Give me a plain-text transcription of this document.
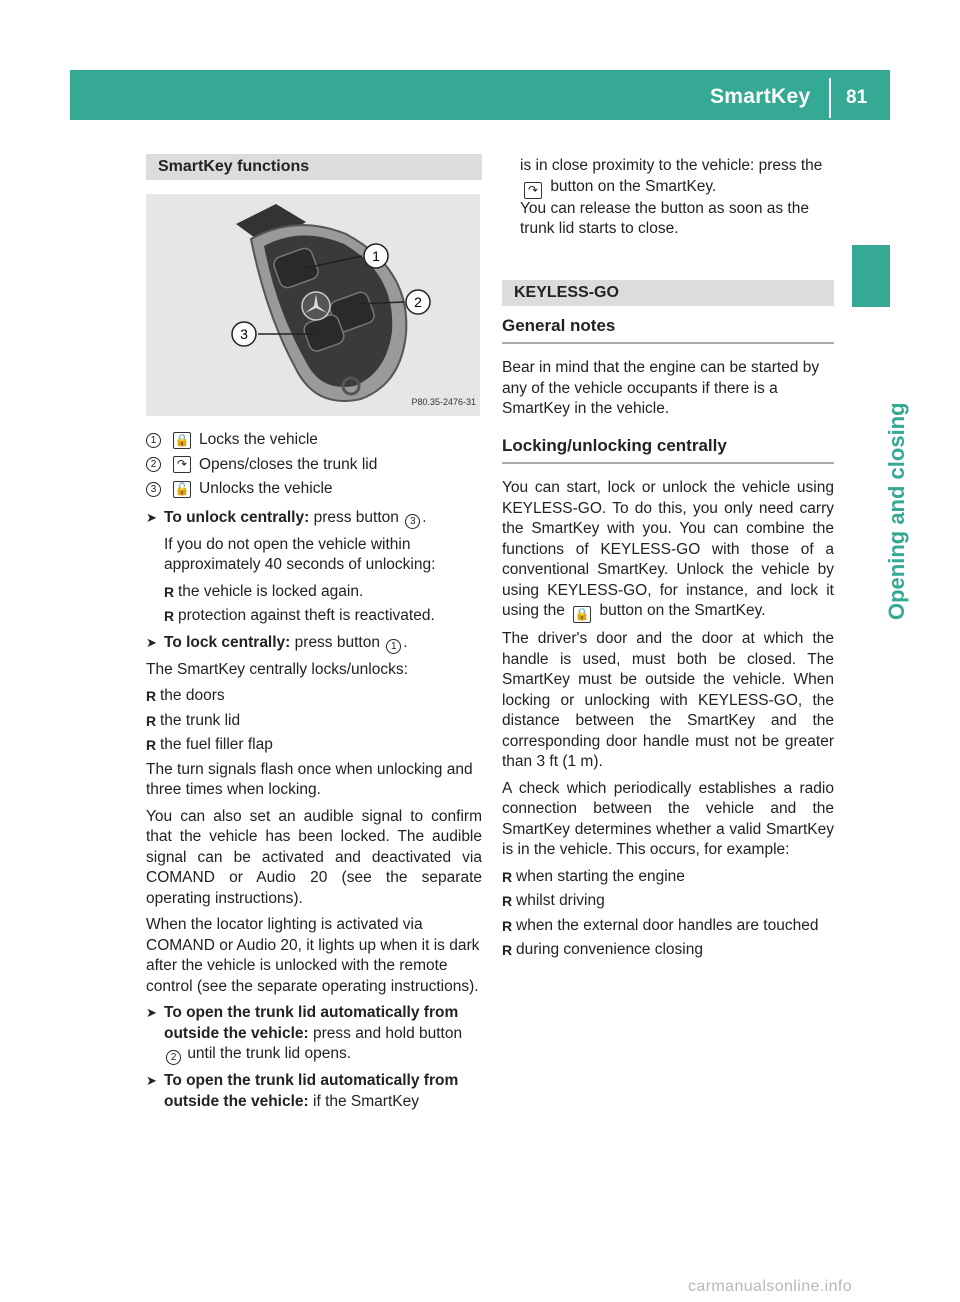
SmartKey 81
Opening and closing
SmartKey functions
1
2
3
P80.35-2476-31
1	🔒 Locks the vehicle
2	↷ Opens/closes the trunk lid
3	🔓 Unlocks the vehicle
➤ To unlock centrally: press button 3 .

If you do not open the vehicle within approximately 40 seconds of unlocking:

R the vehicle is locked again.
R protection against theft is reactivated.
➤ To lock centrally: press button 1 .

The SmartKey centrally locks/unlocks:

R the doors
R the trunk lid
R the fuel filler flap

The turn signals flash once when unlocking and three times when locking.

You can also set an audible signal to confirm that the vehicle has been locked. The audible signal can be activated and deactivated via COMAND or Audio 20 (see the separate operating instructions).

When the locator lighting is activated via COMAND or Audio 20, it lights up when it is dark after the vehicle is unlocked with the remote control (see the separate operating instructions).

➤ To open the trunk lid automatically from outside the vehicle: press and hold button 2 until the trunk lid opens.
➤ To open the trunk lid automatically from outside the vehicle: if the SmartKey
is in close proximity to the vehicle: press the ↷ button on the SmartKey.
You can release the button as soon as the trunk lid starts to close.
KEYLESS-GO
General notes

Bear in mind that the engine can be started by any of the vehicle occupants if there is a SmartKey in the vehicle.

Locking/unlocking centrally

You can start, lock or unlock the vehicle using KEYLESS-GO. To do this, you only need carry the SmartKey with you. You can combine the functions of KEYLESS-GO with those of a conventional SmartKey. Unlock the vehicle by using KEYLESS-GO, for instance, and lock it using the 🔒 button on the SmartKey.

The driver's door and the door at which the handle is used, must both be closed. The SmartKey must be outside the vehicle. When locking or unlocking with KEYLESS-GO, the distance between the SmartKey and the corresponding door handle must not be greater than 3 ft (1 m).

A check which periodically establishes a radio connection between the vehicle and the SmartKey determines whether a valid SmartKey is in the vehicle. This occurs, for example:

R when starting the engine
R whilst driving
R when the external door handles are touched
R during convenience closing
carmanualsonline.info
